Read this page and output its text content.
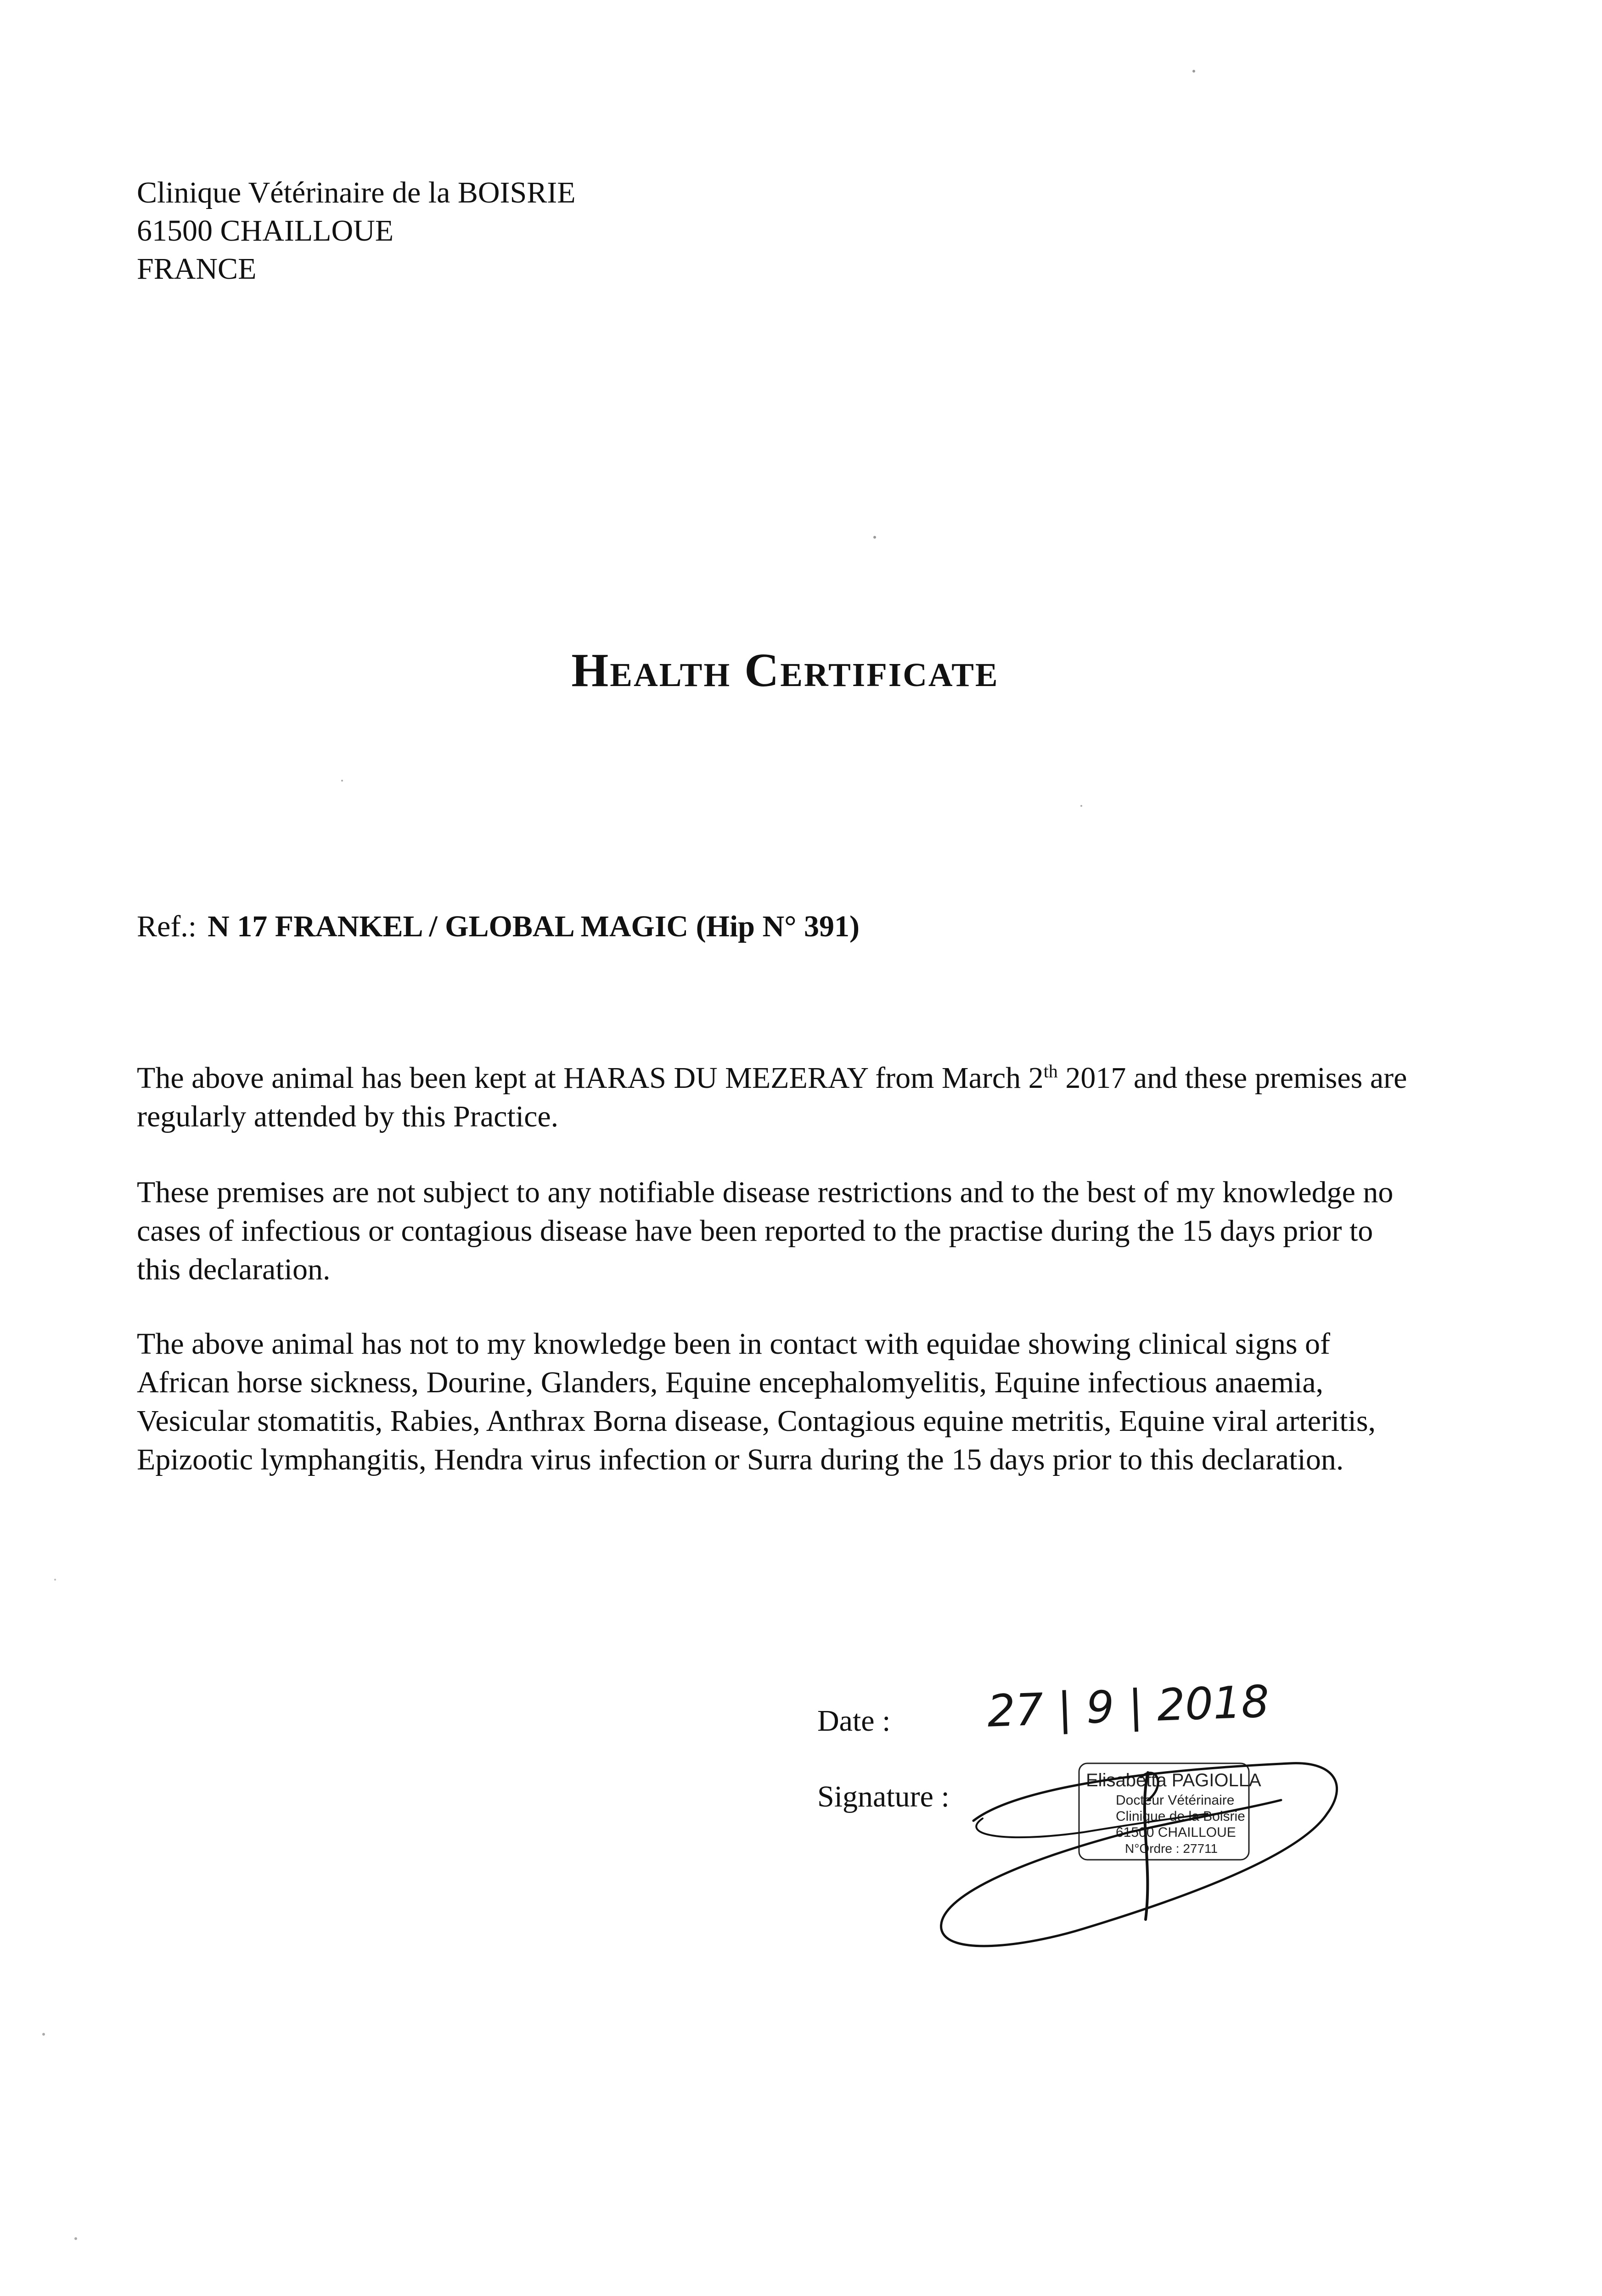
Clinique Vétérinaire de la BOISRIE
61500 CHAILLOUE
FRANCE
Health Certificate
Ref.: N 17 FRANKEL / GLOBAL MAGIC (Hip N° 391)
The above animal has been kept at HARAS DU MEZERAY from March 2th 2017 and these premises are regularly attended by this Practice.
These premises are not subject to any notifiable disease restrictions and to the best of my knowledge no cases of infectious or contagious disease have been reported to the practise during the 15 days prior to this declaration.
The above animal has not to my knowledge been in contact with equidae showing clinical signs of African horse sickness, Dourine, Glanders, Equine encephalomyelitis, Equine infectious anaemia, Vesicular stomatitis, Rabies, Anthrax Borna disease, Contagious equine metritis, Equine viral arteritis, Epizootic lymphangitis, Hendra virus infection or Surra during the 15 days prior to this declaration.
Date : 27 | 9 | 2018
Signature :	Elisabetta PAGIOLLA
Docteur Vétérinaire
Clinique de la Boisrie
61500 CHAILLOUE
N°Ordre : 27711
